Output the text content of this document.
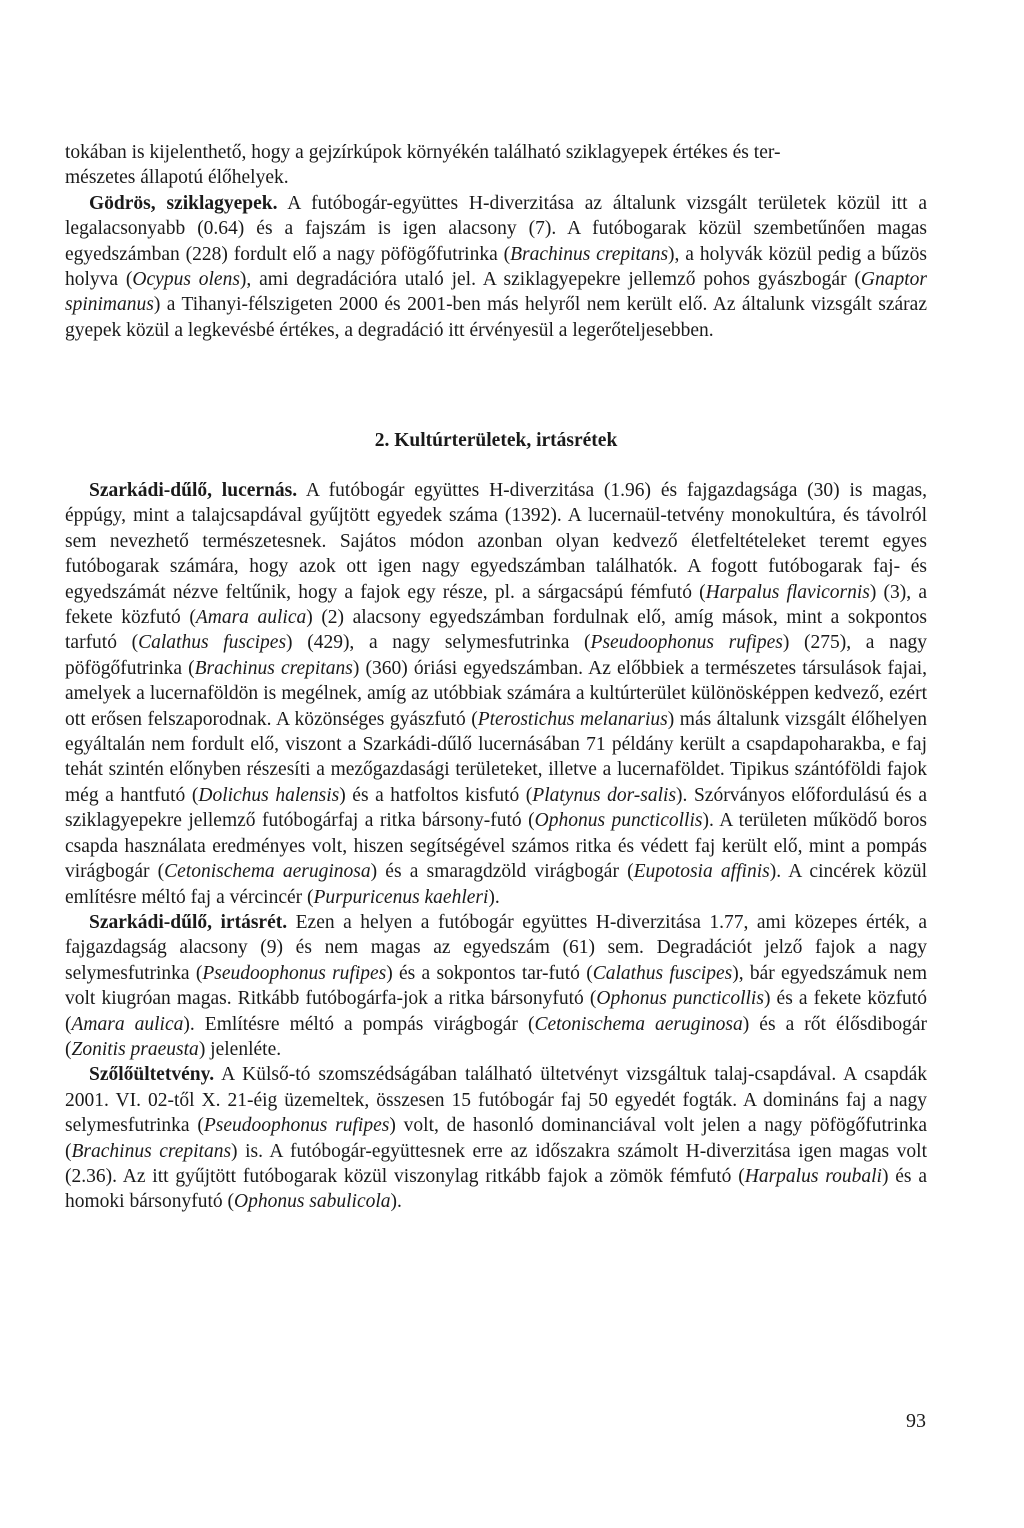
tokában is kijelenthető, hogy a gejzírkúpok környékén található sziklagyepek értékes és ter-
mészetes állapotú élőhelyek.

Gödrös, sziklagyepek. A futóbogár-együttes H-diverzitása az általunk vizsgált területek közül itt a legalacsonyabb (0.64) és a fajszám is igen alacsony (7). A futóbogarak közül szembetűnően magas egyedszámban (228) fordult elő a nagy pöfögőfutrinka (Brachinus crepitans), a holyvák közül pedig a bűzös holyva (Ocypus olens), ami degradációra utaló jel. A sziklagyepekre jellemző pohos gyászbogár (Gnaptor spinimanus) a Tihanyi-félszigeten 2000 és 2001-ben más helyről nem került elő. Az általunk vizsgált száraz gyepek közül a legkevésbé értékes, a degradáció itt érvényesül a legerőteljesebben.

2. Kultúrterületek, irtásrétek

Szarkádi-dűlő, lucernás. A futóbogár együttes H-diverzitása (1.96) és fajgazdagsága (30) is magas, éppúgy, mint a talajcsapdával gyűjtött egyedek száma (1392). A lucernaül-tetvény monokultúra, és távolról sem nevezhető természetesnek. Sajátos módon azonban olyan kedvező életfeltételeket teremt egyes futóbogarak számára, hogy azok ott igen nagy egyedszámban találhatók. A fogott futóbogarak faj- és egyedszámát nézve feltűnik, hogy a fajok egy része, pl. a sárgacsápú fémfutó (Harpalus flavicornis) (3), a fekete közfutó (Amara aulica) (2) alacsony egyedszámban fordulnak elő, amíg mások, mint a sokpontos tarfutó (Calathus fuscipes) (429), a nagy selymesfutrinka (Pseudoophonus rufipes) (275), a nagy pöfögőfutrinka (Brachinus crepitans) (360) óriási egyedszámban. Az előbbiek a természetes társulások fajai, amelyek a lucernaföldön is megélnek, amíg az utóbbiak számára a kultúrterület különösképpen kedvező, ezért ott erősen felszaporodnak. A közönséges gyászfutó (Pterostichus melanarius) más általunk vizsgált élőhelyen egyáltalán nem fordult elő, viszont a Szarkádi-dűlő lucernásában 71 példány került a csapdapoharakba, e faj tehát szintén előnyben részesíti a mezőgazdasági területeket, illetve a lucernaföldet. Tipikus szántóföldi fajok még a hantfutó (Dolichus halensis) és a hatfoltos kisfutó (Platynus dor-salis). Szórványos előfordulású és a sziklagyepekre jellemző futóbogárfaj a ritka bársony-futó (Ophonus puncticollis). A területen működő boros csapda használata eredményes volt, hiszen segítségével számos ritka és védett faj került elő, mint a pompás virágbogár (Cetonischema aeruginosa) és a smaragdzöld virágbogár (Eupotosia affinis). A cincérek közül említésre méltó faj a vércincér (Purpuricenus kaehleri).

Szarkádi-dűlő, irtásrét. Ezen a helyen a futóbogár együttes H-diverzitása 1.77, ami közepes érték, a fajgazdagság alacsony (9) és nem magas az egyedszám (61) sem. Degradációt jelző fajok a nagy selymesfutrinka (Pseudoophonus rufipes) és a sokpontos tar-futó (Calathus fuscipes), bár egyedszámuk nem volt kiugróan magas. Ritkább futóbogárfa-jok a ritka bársonyfutó (Ophonus puncticollis) és a fekete közfutó (Amara aulica). Említésre méltó a pompás virágbogár (Cetonischema aeruginosa) és a rőt élősdibogár (Zonitis praeusta) jelenléte.

Szőlőültetvény. A Külső-tó szomszédságában található ültetvényt vizsgáltuk talaj-csapdával. A csapdák 2001. VI. 02-től X. 21-éig üzemeltek, összesen 15 futóbogár faj 50 egyedét fogták. A domináns faj a nagy selymesfutrinka (Pseudoophonus rufipes) volt, de hasonló dominanciával volt jelen a nagy pöfögőfutrinka (Brachinus crepitans) is. A futóbogár-együttesnek erre az időszakra számolt H-diverzitása igen magas volt (2.36). Az itt gyűjtött futóbogarak közül viszonylag ritkább fajok a zömök fémfutó (Harpalus roubali) és a homoki bársonyfutó (Ophonus sabulicola).

93
